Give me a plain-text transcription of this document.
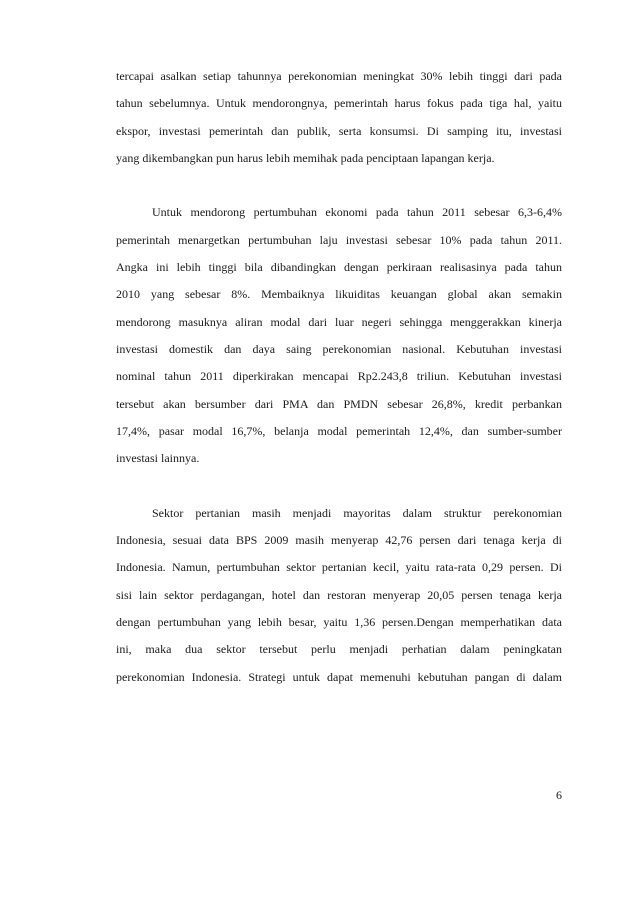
tercapai asalkan setiap tahunnya perekonomian meningkat 30% lebih tinggi dari pada
tahun sebelumnya. Untuk mendorongnya, pemerintah harus fokus pada tiga hal, yaitu
ekspor, investasi pemerintah dan publik, serta konsumsi. Di samping itu, investasi
yang dikembangkan pun harus lebih memihak pada penciptaan lapangan kerja.

Untuk mendorong pertumbuhan ekonomi pada tahun 2011 sebesar 6,3-6,4%
pemerintah menargetkan pertumbuhan laju investasi sebesar 10% pada tahun 2011.
Angka ini lebih tinggi bila dibandingkan dengan perkiraan realisasinya pada tahun
2010 yang sebesar 8%. Membaiknya likuiditas keuangan global akan semakin
mendorong masuknya aliran modal dari luar negeri sehingga menggerakkan kinerja
investasi domestik dan daya saing perekonomian nasional. Kebutuhan investasi
nominal tahun 2011 diperkirakan mencapai Rp2.243,8 triliun. Kebutuhan investasi
tersebut akan bersumber dari PMA dan PMDN sebesar 26,8%, kredit perbankan
17,4%, pasar modal 16,7%, belanja modal pemerintah 12,4%, dan sumber-sumber
investasi lainnya.

Sektor pertanian masih menjadi mayoritas dalam struktur perekonomian
Indonesia, sesuai data BPS 2009 masih menyerap 42,76 persen dari tenaga kerja di
Indonesia. Namun, pertumbuhan sektor pertanian kecil, yaitu rata-rata 0,29 persen. Di
sisi lain sektor perdagangan, hotel dan restoran menyerap 20,05 persen tenaga kerja
dengan pertumbuhan yang lebih besar, yaitu 1,36 persen.Dengan memperhatikan data
ini, maka dua sektor tersebut perlu menjadi perhatian dalam peningkatan
perekonomian Indonesia. Strategi untuk dapat memenuhi kebutuhan pangan di dalam

6
